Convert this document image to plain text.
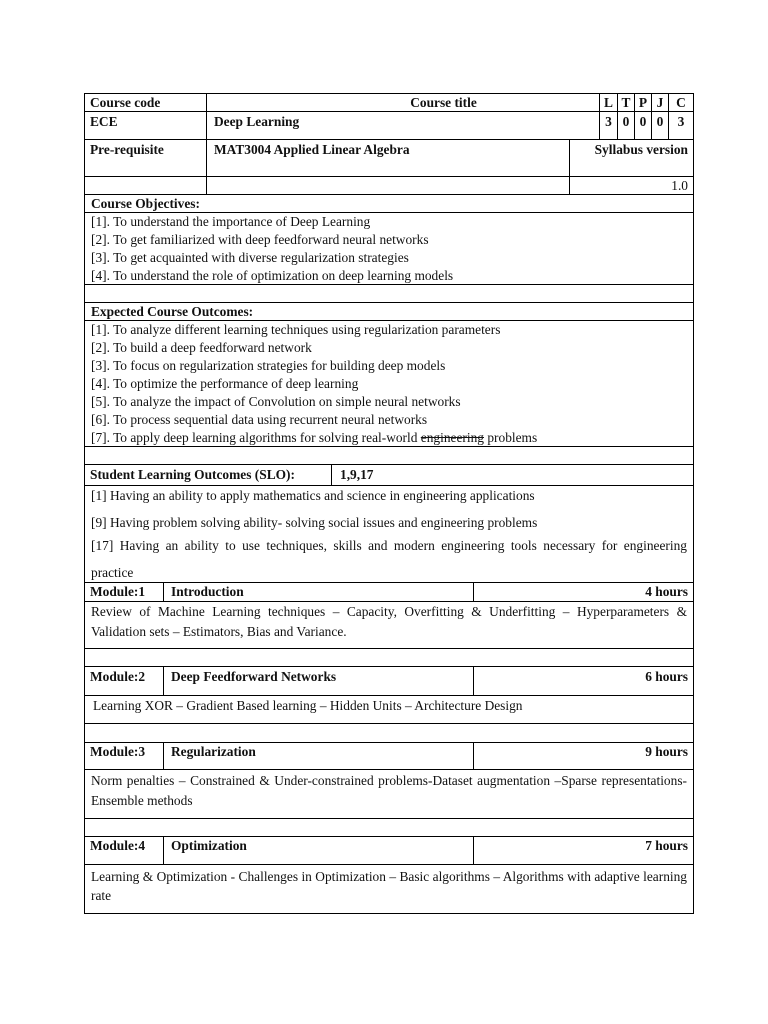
Course code	Course title	L T P J C
ECE	Deep Learning	3 0 0 0	3
Pre-requisite	MAT3004 Applied Linear Algebra	Syllabus version
1.0
Course Objectives:
[1]. To understand the importance of Deep Learning
[2]. To get familiarized with deep feedforward neural networks
[3]. To get acquainted with diverse regularization strategies
[4]. To understand the role of optimization on deep learning models
Expected Course Outcomes:
[1]. To analyze different learning techniques using regularization parameters
[2]. To build a deep feedforward network
[3]. To focus on regularization strategies for building deep models
[4]. To optimize the performance of deep learning
[5]. To analyze the impact of Convolution on simple neural networks
[6]. To process sequential data using recurrent neural networks
[7]. To apply deep learning algorithms for solving real-world engineering problems
Student Learning Outcomes (SLO):	1,9,17
[1] Having an ability to apply mathematics and science in engineering applications
[9] Having problem solving ability- solving social issues and engineering problems
[17] Having an ability to use techniques, skills and modern engineering tools necessary for engineering practice
Module:1	Introduction	4 hours
Review of Machine Learning techniques – Capacity, Overfitting & Underfitting – Hyperparameters & Validation sets – Estimators, Bias and Variance.
Module:2	Deep Feedforward Networks	6 hours
Learning XOR – Gradient Based learning – Hidden Units – Architecture Design
Module:3	Regularization	9 hours
Norm penalties – Constrained & Under-constrained problems-Dataset augmentation –Sparse representations-Ensemble methods
Module:4	Optimization	7 hours
Learning & Optimization - Challenges in Optimization – Basic algorithms – Algorithms with adaptive learning rate
